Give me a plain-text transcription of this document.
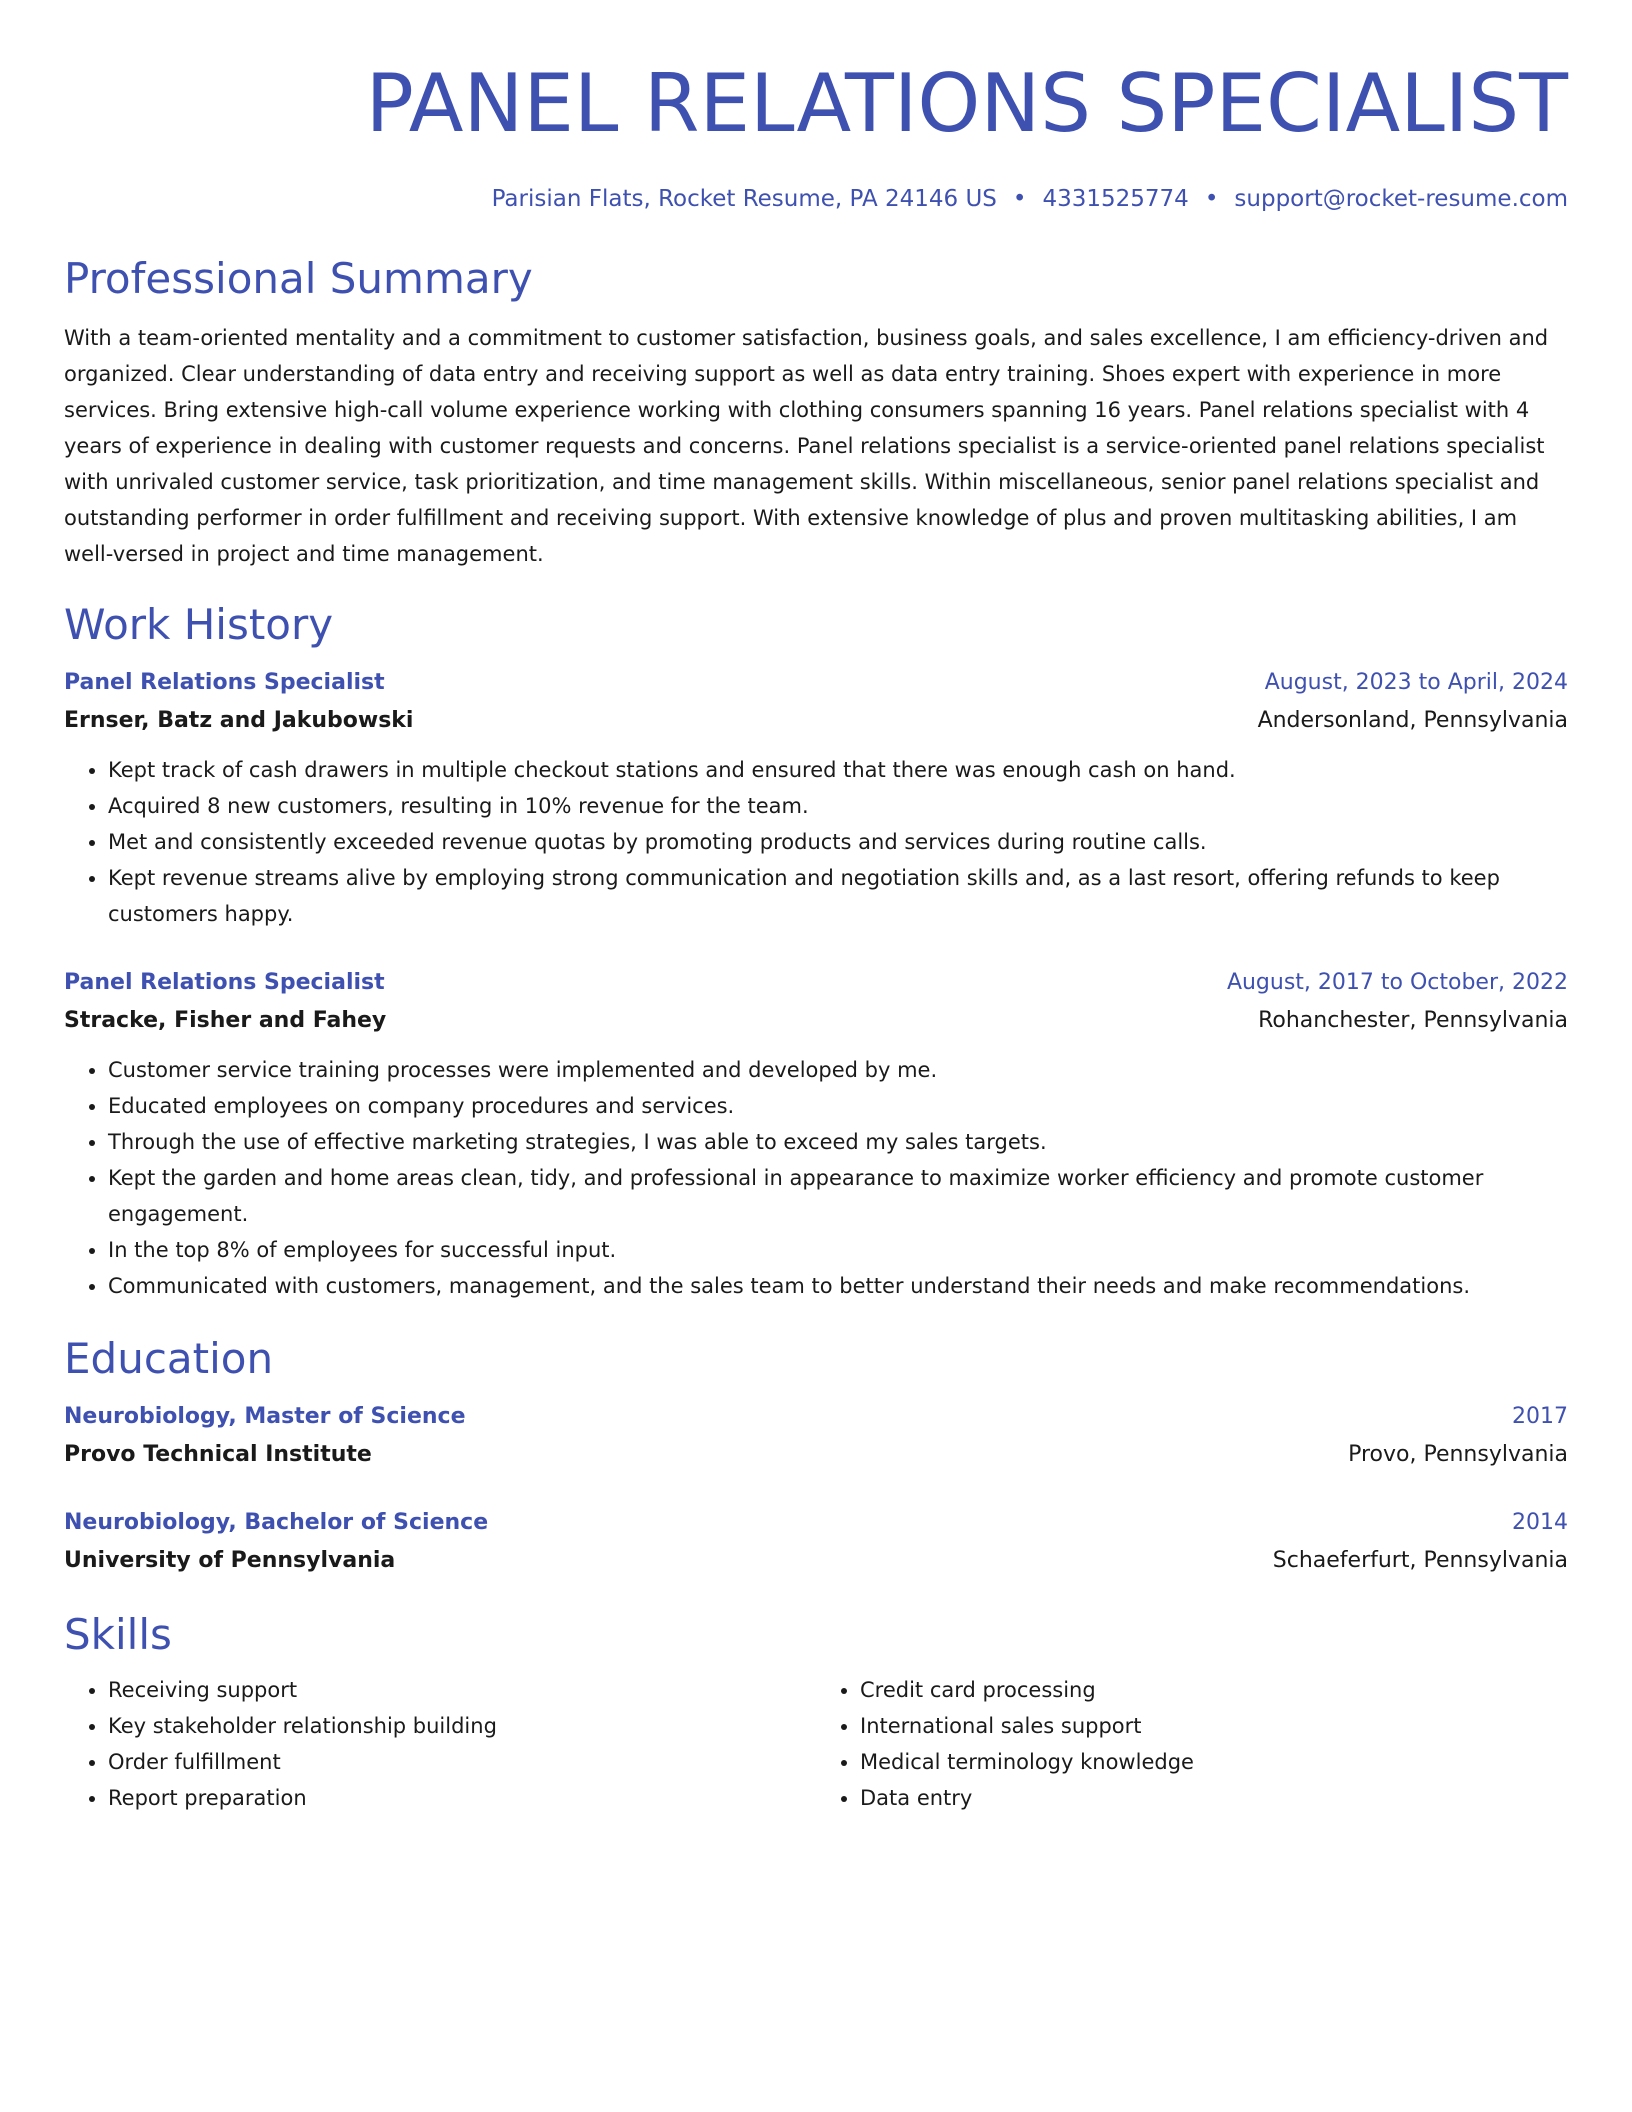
PANEL RELATIONS SPECIALIST
Parisian Flats, Rocket Resume, PA 24146 US • 4331525774 • support@rocket-resume.com
Professional Summary
With a team-oriented mentality and a commitment to customer satisfaction, business goals, and sales excellence, I am efficiency-driven and organized. Clear understanding of data entry and receiving support as well as data entry training. Shoes expert with experience in more services. Bring extensive high-call volume experience working with clothing consumers spanning 16 years. Panel relations specialist with 4 years of experience in dealing with customer requests and concerns. Panel relations specialist is a service-oriented panel relations specialist with unrivaled customer service, task prioritization, and time management skills. Within miscellaneous, senior panel relations specialist and outstanding performer in order fulfillment and receiving support. With extensive knowledge of plus and proven multitasking abilities, I am well-versed in project and time management.
Work History
Panel Relations Specialist	August, 2023 to April, 2024
Ernser, Batz and Jakubowski	Andersonland, Pennsylvania
• Kept track of cash drawers in multiple checkout stations and ensured that there was enough cash on hand.
• Acquired 8 new customers, resulting in 10% revenue for the team.
• Met and consistently exceeded revenue quotas by promoting products and services during routine calls.
• Kept revenue streams alive by employing strong communication and negotiation skills and, as a last resort, offering refunds to keep customers happy.
Panel Relations Specialist	August, 2017 to October, 2022
Stracke, Fisher and Fahey	Rohanchester, Pennsylvania
• Customer service training processes were implemented and developed by me.
• Educated employees on company procedures and services.
• Through the use of effective marketing strategies, I was able to exceed my sales targets.
• Kept the garden and home areas clean, tidy, and professional in appearance to maximize worker efficiency and promote customer engagement.
• In the top 8% of employees for successful input.
• Communicated with customers, management, and the sales team to better understand their needs and make recommendations.
Education
Neurobiology, Master of Science	2017
Provo Technical Institute	Provo, Pennsylvania
Neurobiology, Bachelor of Science	2014
University of Pennsylvania	Schaeferfurt, Pennsylvania
Skills
• Receiving support
• Key stakeholder relationship building
• Order fulfillment
• Report preparation
• Credit card processing
• International sales support
• Medical terminology knowledge
• Data entry
